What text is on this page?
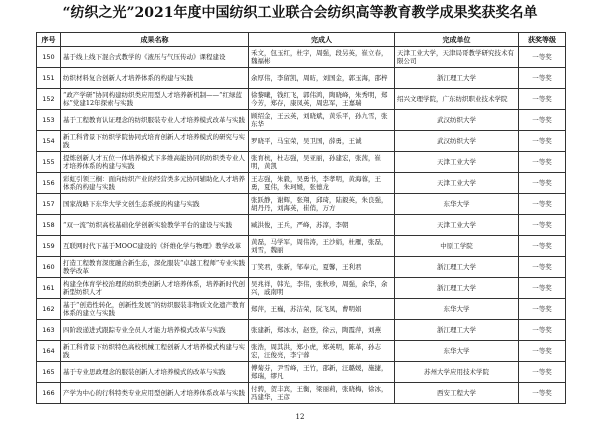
“纺织之光”2021年度中国纺织工业联合会纺织高等教育教学成果奖获奖名单
序号	成果名称	完成人	完成单位	获奖等级
150	基于线上线下混合式教学的《液压与气压传动》课程建设	禾文，包玉红，杜宇，周强，段另英，崔立春，魏福彬	天津工业大学，天津局哥教学研究技术有限公司	一等奖
151	纺织材料复合创新人才培养体系的构建与实践	余厚伟，李留凯，周昉，刘国金，郭玉海，邵梓	浙江理工大学	一等奖
152	“政产学研”协同构建纺织类应用型人才培养新机制——“红绿蓝标”党建12年探索与实践	徐黎曦，钱红飞，郭伟鸿，陶晓峰，朱秀明，郑今芳，郑存，康凤英，周忠军，王嘉瑞	绍兴文理学院，广东纺织职业技术学院	一等奖
153	基于工程教育认证理念的纺织服装专业人才培养模式改革与实践	顾绍金，王云英，刘晓斌，黄乐平，孙九雪，张东华	武汉纺织大学	一等奖
154	新工科背景下纺织学院协同式培育创新人才培养模式的研究与实践	罗晓平，马宝荣，吴卫国，薛勇，王诚	武汉纺织大学	一等奖
155	提炼创新人才五位一体培养模式下多维高能协同的纺织类专业人才培养体系的构建与实践	张育杭，杜志强，吴亚丽，孙建宏，张茜，崔明，黄凯	天津工业大学	一等奖
156	彩虹引领三桐：面向纺织产业的经营类多元协同辅助化人才培养体系的构建与实践	王志强，朱毅，吴勇书，李孝明，黄海蓉，王勇，夏伟，朱珂媛，张德龙	天津工业大学	一等奖
157	国家战略下东华大学文创生态系统的构建与实践	张跃静，谢辉，张翔，邱琦，陆毅英，朱良强，胡丹丹，刘海英，崔俏，万方	东华大学	一等奖
158	“双一流”纺织高校基础化学创新实验教学平台的建设与实践	臧洪俊，王兵，严峰，苏淳，李朝	天津工业大学	一等奖
159	互联网时代下基于MOOC建设的《纤维化学与物理》教学改革	黄磊，马学军，周伟涛，王沙娟，杜雁，张磊，刘雪，魏丽	中原工学院	一等奖
160	打造工程教育深度融合新生态，深化服装“卓越工程师”专业实践教学改革	丁笑君，张新，邹奉元，夏馨，王利君	浙江理工大学	一等奖
161	构建全体育学校治理的纺织类创新人才培养体系，培养新时代创新型纺织人才	吴兆祥，韩光，李伟，张秋珍，周强，余华，余兴，戚南明	浙江理工大学	一等奖
162	基于“创造性转化，创新性发展”的纺织服装非物质文化遗产教育体系的建立与实践	郑萍，王巍，苏洁荣，阮飞凤，曹明娟	东华大学	一等奖
163	四阶段递进式跟踪专业全员人才能力培养模式改革与实践	张建新，郑冰水，赵登，徐云，陶霞萍，刘燕	浙江理工大学	一等奖
164	新工科背景下纺织特色高校机械工程创新人才培养模式构建与实践	张浩，周其洪，郑小虎，郑英明，陈革，孙志宏，汪俊亮，李宁蓉	东华大学	一等奖
165	基于专业思政理念的服装创新人才培养模式的改革与实践	傅菊芬，尹雪峰，王竹，邵新，汪璐媛，施捷，郑瑞，缪凡	苏州大学应用技术学院	一等奖
166	产学为中心的行科特类专业应用型创新人才培养体系改革与实践	付骋，贺丰宾，王衡，梁丽莉，张晓梅，徐冰，冯建华，王彦	西安工程大学	一等奖
12
